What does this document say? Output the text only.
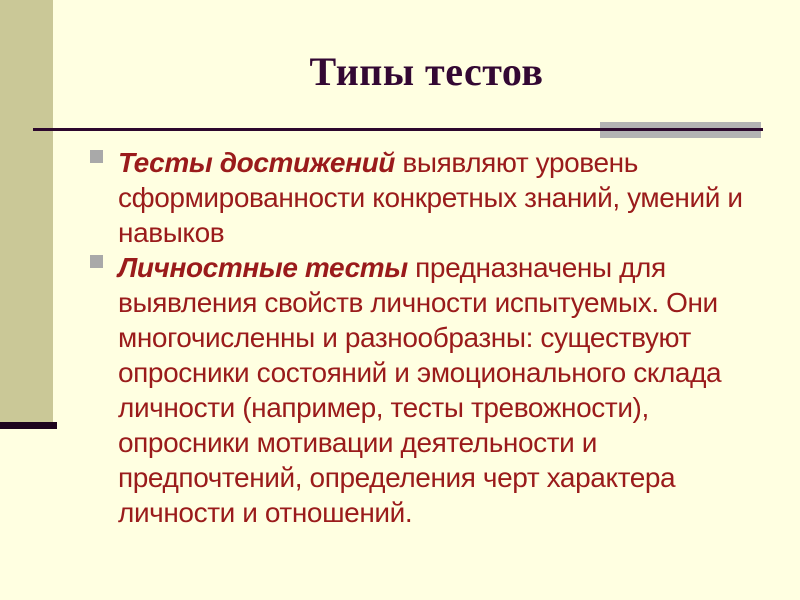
Типы тестов
Тесты достижений выявляют уровень
сформированности конкретных знаний, умений и
навыков
Личностные тесты предназначены для
выявления свойств личности испытуемых. Они
многочисленны и разнообразны: существуют
опросники состояний и эмоционального склада
личности (например, тесты тревожности),
опросники мотивации деятельности и
предпочтений, определения черт характера
личности и отношений.
